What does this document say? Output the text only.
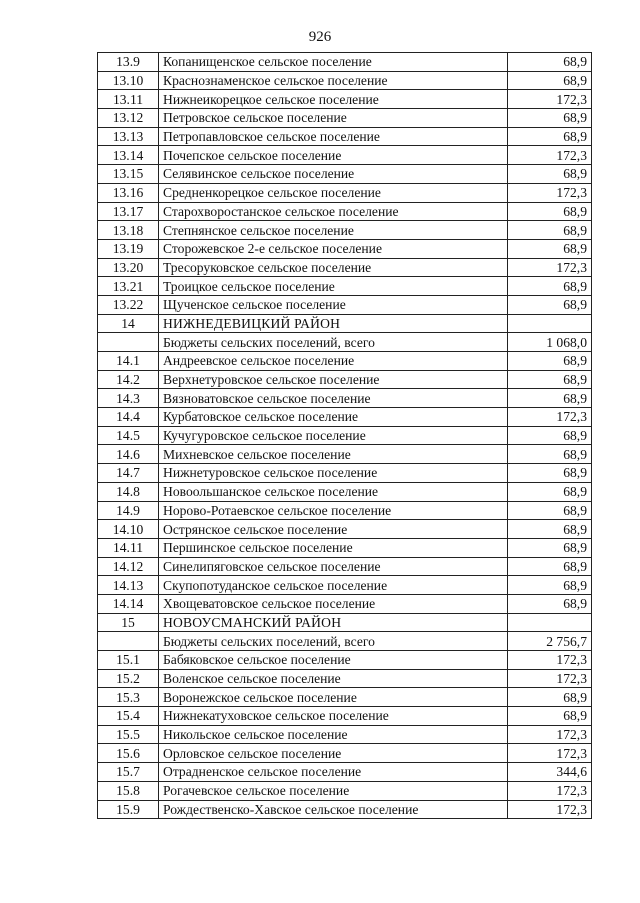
926
13.9	Копанищенское сельское поселение	68,9
13.10	Краснознаменское сельское поселение	68,9
13.11	Нижнеикорецкое сельское поселение	172,3
13.12	Петровское сельское поселение	68,9
13.13	Петропавловское сельское поселение	68,9
13.14	Почепское сельское поселение	172,3
13.15	Селявинское сельское поселение	68,9
13.16	Средненкорецкое сельское поселение	172,3
13.17	Старохворостанское сельское поселение	68,9
13.18	Степнянское сельское поселение	68,9
13.19	Сторожевское 2-е сельское поселение	68,9
13.20	Тресоруковское сельское поселение	172,3
13.21	Троицкое сельское поселение	68,9
13.22	Щученское сельское поселение	68,9
14	НИЖНЕДЕВИЦКИЙ РАЙОН	
	Бюджеты сельских поселений, всего	1 068,0
14.1	Андреевское сельское поселение	68,9
14.2	Верхнетуровское сельское поселение	68,9
14.3	Вязноватовское сельское поселение	68,9
14.4	Курбатовское сельское поселение	172,3
14.5	Кучугуровское сельское поселение	68,9
14.6	Михневское сельское поселение	68,9
14.7	Нижнетуровское сельское поселение	68,9
14.8	Новоольшанское сельское поселение	68,9
14.9	Норово-Ротаевское сельское поселение	68,9
14.10	Острянское сельское поселение	68,9
14.11	Першинское сельское поселение	68,9
14.12	Синелипяговское сельское поселение	68,9
14.13	Скупопотуданское сельское поселение	68,9
14.14	Хвощеватовское сельское поселение	68,9
15	НОВОУСМАНСКИЙ РАЙОН	
	Бюджеты сельских поселений, всего	2 756,7
15.1	Бабяковское сельское поселение	172,3
15.2	Воленское сельское поселение	172,3
15.3	Воронежское сельское поселение	68,9
15.4	Нижнекатуховское сельское поселение	68,9
15.5	Никольское сельское поселение	172,3
15.6	Орловское сельское поселение	172,3
15.7	Отрадненское сельское поселение	344,6
15.8	Рогачевское сельское поселение	172,3
15.9	Рождественско-Хавское сельское поселение	172,3
